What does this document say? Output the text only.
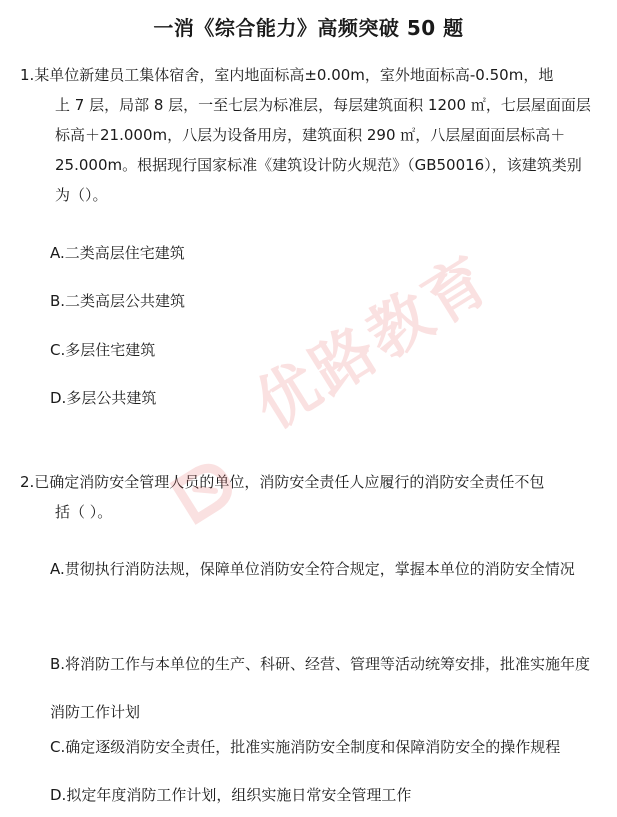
一消《综合能力》高频突破 50 题
1.某单位新建员工集体宿舍，室内地面标高±0.00m，室外地面标高-0.50m，地
上 7 层，局部 8 层，一至七层为标准层，每层建筑面积 1200 ㎡，七层屋面面层标高＋21.000m，八层为设备用房，建筑面积 290 ㎡，八层屋面面层标高＋25.000m。根据现行国家标准《建筑设计防火规范》（GB50016），该建筑类别为（）。
A.二类高层住宅建筑
B.二类高层公共建筑
C.多层住宅建筑
D.多层公共建筑
2.已确定消防安全管理人员的单位，消防安全责任人应履行的消防安全责任不包
括（ ）。
A.贯彻执行消防法规，保障单位消防安全符合规定，掌握本单位的消防安全情况
B.将消防工作与本单位的生产、科研、经营、管理等活动统筹安排，批准实施年度消防工作计划
C.确定逐级消防安全责任，批准实施消防安全制度和保障消防安全的操作规程
D.拟定年度消防工作计划，组织实施日常安全管理工作
优路教育
